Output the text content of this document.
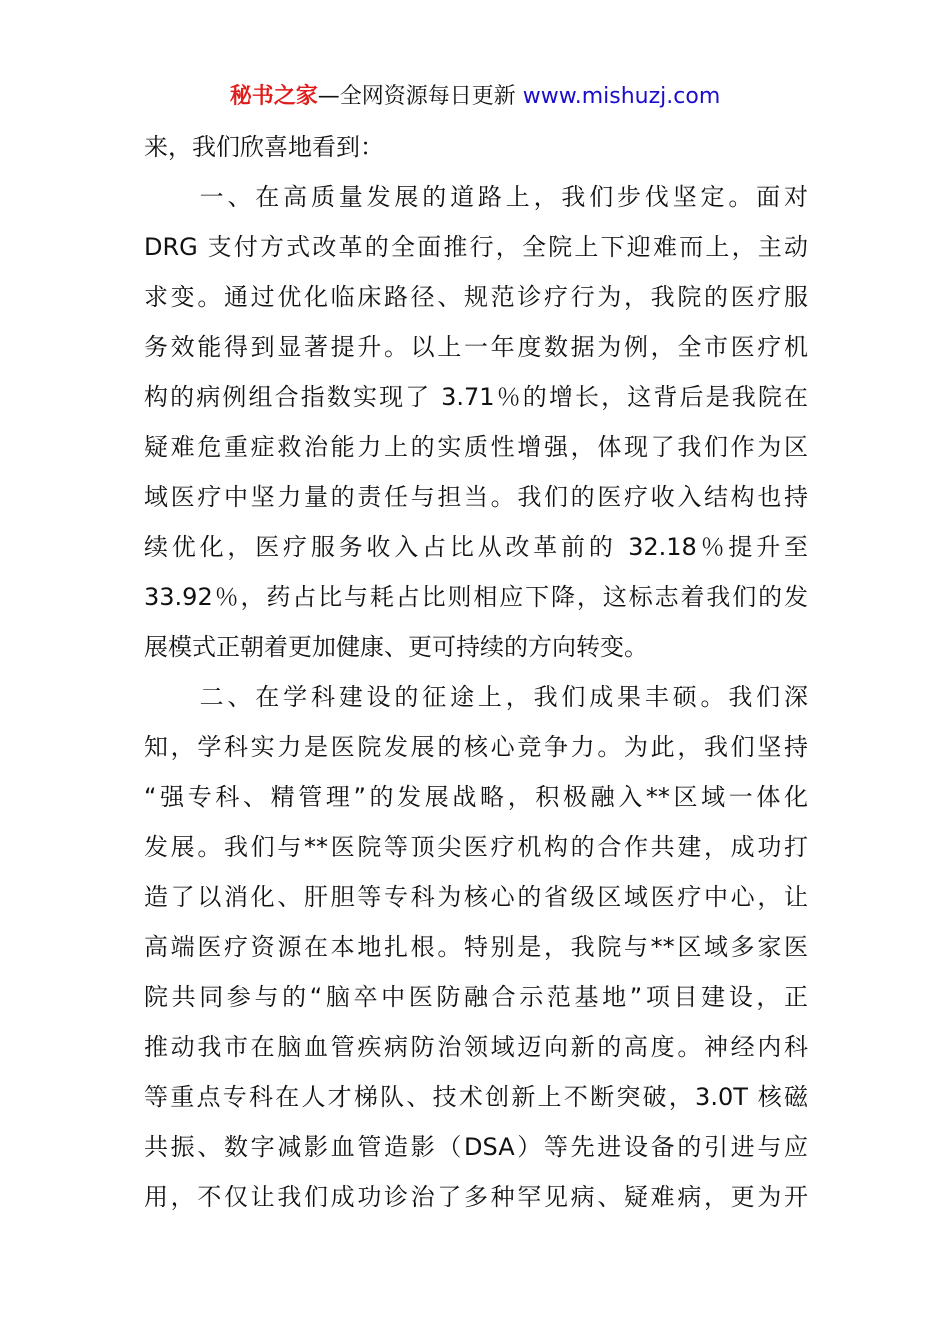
秘书之家—全网资源每日更新 www.mishuzj.com
来，我们欣喜地看到：
　　一、在高质量发展的道路上，我们步伐坚定。面对
DRG 支付方式改革的全面推行，全院上下迎难而上，主动
求变。通过优化临床路径、规范诊疗行为，我院的医疗服
务效能得到显著提升。以上一年度数据为例，全市医疗机
构的病例组合指数实现了 3.71％的增长，这背后是我院在
疑难危重症救治能力上的实质性增强，体现了我们作为区
域医疗中坚力量的责任与担当。我们的医疗收入结构也持
续优化，医疗服务收入占比从改革前的 32.18％提升至
33.92％，药占比与耗占比则相应下降，这标志着我们的发
展模式正朝着更加健康、更可持续的方向转变。
　　二、在学科建设的征途上，我们成果丰硕。我们深
知，学科实力是医院发展的核心竞争力。为此，我们坚持
“强专科、精管理”的发展战略，积极融入**区域一体化
发展。我们与**医院等顶尖医疗机构的合作共建，成功打
造了以消化、肝胆等专科为核心的省级区域医疗中心，让
高端医疗资源在本地扎根。特别是，我院与**区域多家医
院共同参与的“脑卒中医防融合示范基地”项目建设，正
推动我市在脑血管疾病防治领域迈向新的高度。神经内科
等重点专科在人才梯队、技术创新上不断突破，3.0T 核磁
共振、数字减影血管造影（DSA）等先进设备的引进与应
用，不仅让我们成功诊治了多种罕见病、疑难病，更为开
